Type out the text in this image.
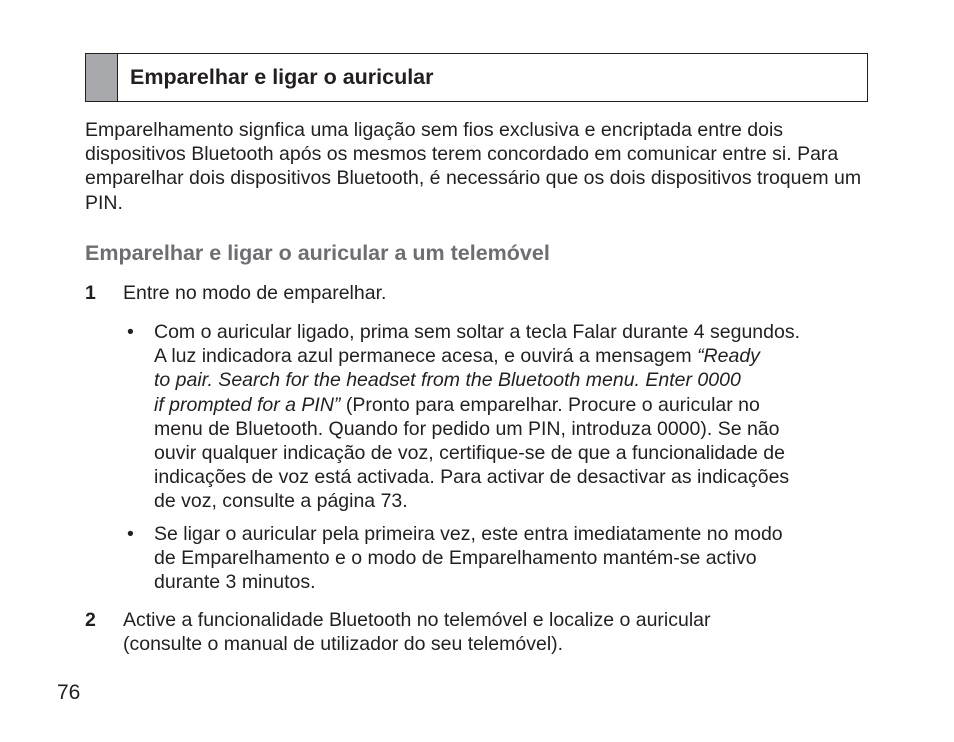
Emparelhar e ligar o auricular

Emparelhamento signfica uma ligação sem fios exclusiva e encriptada entre dois dispositivos Bluetooth após os mesmos terem concordado em comunicar entre si. Para emparelhar dois dispositivos Bluetooth, é necessário que os dois dispositivos troquem um PIN.

Emparelhar e ligar o auricular a um telemóvel
1 Entre no modo de emparelhar.
• Com o auricular ligado, prima sem soltar a tecla Falar durante 4 segundos.
A luz indicadora azul permanece acesa, e ouvirá a mensagem “Ready
to pair. Search for the headset from the Bluetooth menu. Enter 0000
if prompted for a PIN” (Pronto para emparelhar. Procure o auricular no
menu de Bluetooth. Quando for pedido um PIN, introduza 0000). Se não
ouvir qualquer indicação de voz, certifique-se de que a funcionalidade de
indicações de voz está activada. Para activar de desactivar as indicações
de voz, consulte a página 73.
• Se ligar o auricular pela primeira vez, este entra imediatamente no modo
de Emparelhamento e o modo de Emparelhamento mantém-se activo
durante 3 minutos.
2 Active a funcionalidade Bluetooth no telemóvel e localize o auricular
(consulte o manual de utilizador do seu telemóvel).
76
